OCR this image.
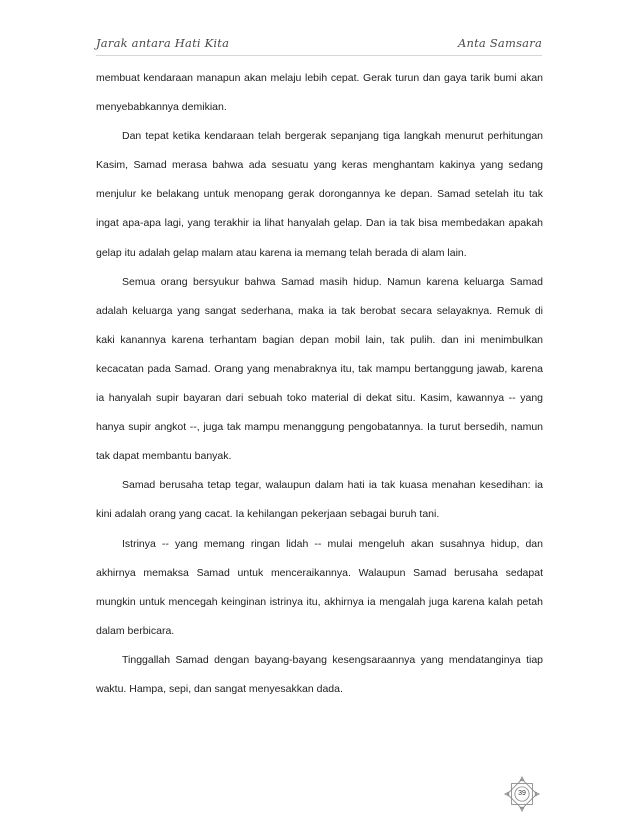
Jarak antara Hati Kita	Anta Samsara

membuat kendaraan manapun akan melaju lebih cepat. Gerak turun dan gaya tarik bumi akan menyebabkannya demikian.

Dan tepat ketika kendaraan telah bergerak sepanjang tiga langkah menurut perhitungan Kasim, Samad merasa bahwa ada sesuatu yang keras menghantam kakinya yang sedang menjulur ke belakang untuk menopang gerak dorongannya ke depan. Samad setelah itu tak ingat apa-apa lagi, yang terakhir ia lihat hanyalah gelap. Dan ia tak bisa membedakan apakah gelap itu adalah gelap malam atau karena ia memang telah berada di alam lain.

Semua orang bersyukur bahwa Samad masih hidup. Namun karena keluarga Samad adalah keluarga yang sangat sederhana, maka ia tak berobat secara selayaknya. Remuk di kaki kanannya karena terhantam bagian depan mobil lain, tak pulih. dan ini menimbulkan kecacatan pada Samad. Orang yang menabraknya itu, tak mampu bertanggung jawab, karena ia hanyalah supir bayaran dari sebuah toko material di dekat situ. Kasim, kawannya -- yang hanya supir angkot --, juga tak mampu menanggung pengobatannya. Ia turut bersedih, namun tak dapat membantu banyak.

Samad berusaha tetap tegar, walaupun dalam hati ia tak kuasa menahan kesedihan: ia kini adalah orang yang cacat. Ia kehilangan pekerjaan sebagai buruh tani.

Istrinya -- yang memang ringan lidah -- mulai mengeluh akan susahnya hidup, dan akhirnya memaksa Samad untuk menceraikannya. Walaupun Samad berusaha sedapat mungkin untuk mencegah keinginan istrinya itu, akhirnya ia mengalah juga karena kalah petah dalam berbicara.

Tinggallah Samad dengan bayang-bayang kesengsaraannya yang mendatanginya tiap waktu. Hampa, sepi, dan sangat menyesakkan dada.

39
